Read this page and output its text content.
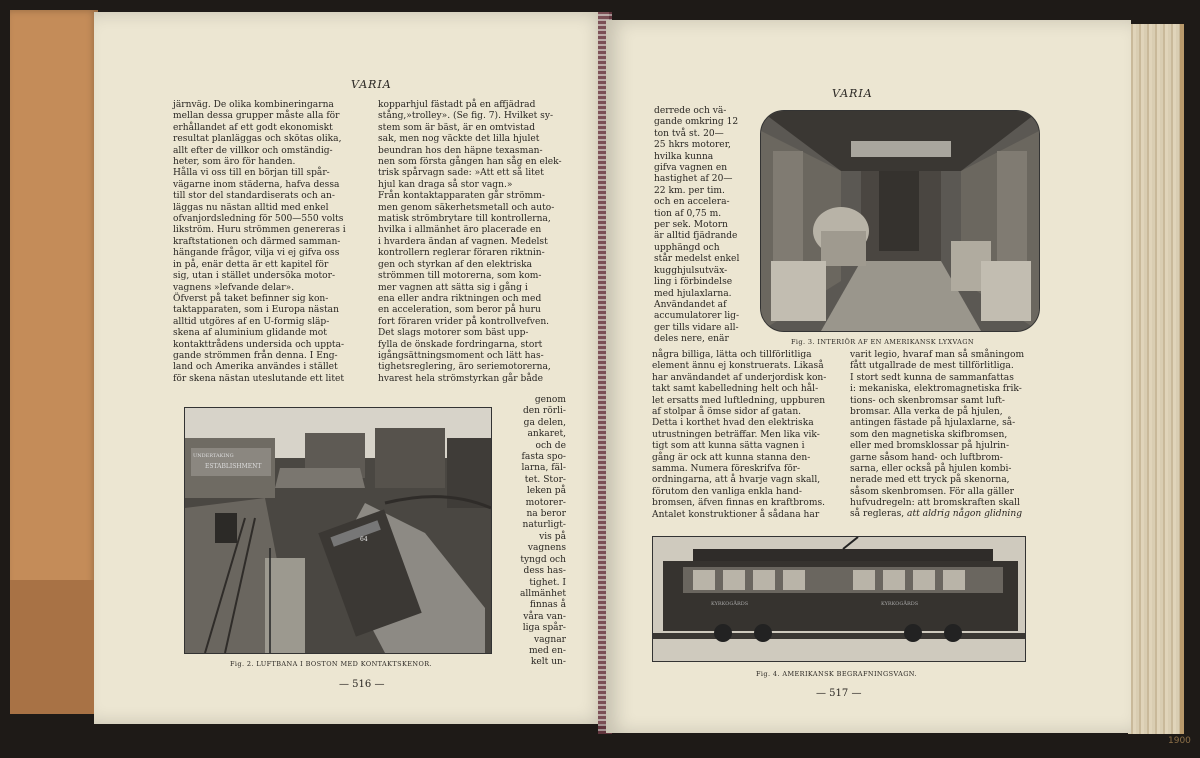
VARIA

järnväg. De olika kombineringarna

mellan dessa grupper måste alla för

erhållandet af ett godt ekonomiskt

resultat planläggas och skötas olika,

allt efter de villkor och omständig-

heter, som äro för handen.

Hålla vi oss till en början till spår-

vägarne inom städerna, hafva dessa

till stor del standardiserats och an-

läggas nu nästan alltid med enkel

ofvanjordsledning för 500—550 volts

likström. Huru strömmen genereras i

kraftstationen och därmed samman-

hängande frågor, vilja vi ej gifva oss

in på, enär detta är ett kapitel för

sig, utan i stället undersöka motor-

vagnens »lefvande delar».

Öfverst på taket befinner sig kon-

taktapparaten, som i Europa nästan

alltid utgöres af en U-formig släp-

skena af aluminium glidande mot

kontakttrådens undersida och uppta-

gande strömmen från denna. I Eng-

land och Amerika användes i stället

för skena nästan uteslutande ett litet

kopparhjul fästadt på en affjädrad

stång,»trolley». (Se fig. 7). Hvilket sy-

stem som är bäst, är en omtvistad

sak, men nog väckte det lilla hjulet

beundran hos den häpne texasman-

nen som första gången han såg en elek-

trisk spårvagn sade: »Att ett så litet

hjul kan draga så stor vagn.»

Från kontaktapparaten går strömm-

men genom säkerhetsmetall och auto-

matisk strömbrytare till kontrollerna,

hvilka i allmänhet äro placerade en

i hvardera ändan af vagnen. Medelst

kontrollern reglerar föraren riktnin-

gen och styrkan af den elektriska

strömmen till motorerna, som kom-

mer vagnen att sätta sig i gång i

ena eller andra riktningen och med

en acceleration, som beror på huru

fort föraren vrider på kontrollvefven.

Det slags motorer som bäst upp-

fylla de önskade fordringarna, stort

igångsättningsmoment och lätt has-

tighetsreglering, äro seriemotorerna,

hvarest hela strömstyrkan går både

genom

den rörli-

ga delen,

ankaret,

och de

fasta spo-

larna, fäl-

tet. Stor-

leken på

motorer-

na beror

naturligt-

vis på

vagnens

tyngd och

dess has-

tighet. I

allmänhet

finnas å

våra van-

liga spår-

vagnar

med en-

kelt un-

UNDERTAKING
ESTABLISHMENT
64
Fig. 2. LUFTBANA I BOSTON MED KONTAKTSKENOR.
— 516 —
VARIA

derrede och vä-

gande omkring 12

ton två st. 20—

25 hkrs motorer,

hvilka kunna

gifva vagnen en

hastighet af 20—

22 km. per tim.

och en accelera-

tion af 0,75 m.

per sek. Motorn

är alltid fjädrande

upphängd och

står medelst enkel

kugghjulsutväx-

ling i förbindelse

med hjulaxlarna.

Användandet af

accumulatorer lig-

ger tills vidare all-

deles nere, enär	Fig. 3. INTERIÖR AF EN AMERIKANSK LYXVAGN

några billiga, lätta och tillförlitliga

element ännu ej konstruerats. Likaså

har användandet af underjordisk kon-

takt samt kabelledning helt och hål-

let ersatts med luftledning, uppburen

af stolpar å ömse sidor af gatan.

Detta i korthet hvad den elektriska

utrustningen beträffar. Men lika vik-

tigt som att kunna sätta vagnen i

gång är ock att kunna stanna den-

samma. Numera föreskrifva för-

ordningarna, att å hvarje vagn skall,

förutom den vanliga enkla hand-

bromsen, äfven finnas en kraftbroms.

Antalet konstruktioner å sådana har

varit legio, hvaraf man så småningom

fått utgallrade de mest tillförlitliga.

I stort sedt kunna de sammanfattas

i: mekaniska, elektromagnetiska frik-

tions- och skenbromsar samt luft-

bromsar. Alla verka de på hjulen,

antingen fästade på hjulaxlarne, så-

som den magnetiska skifbromsen,

eller med bromsklossar på hjulrin-

garne såsom hand- och luftbrom-

sarna, eller också på hjulen kombi-

nerade med ett tryck på skenorna,

såsom skenbromsen. För alla gäller

hufvudregeln: att bromskraften skall

så regleras, att aldrig någon glidning

KYRKOGÅRDS	KYRKOGÅRDS
Fig. 4. AMERIKANSK BEGRAFNINGSVAGN.
— 517 —
1900
